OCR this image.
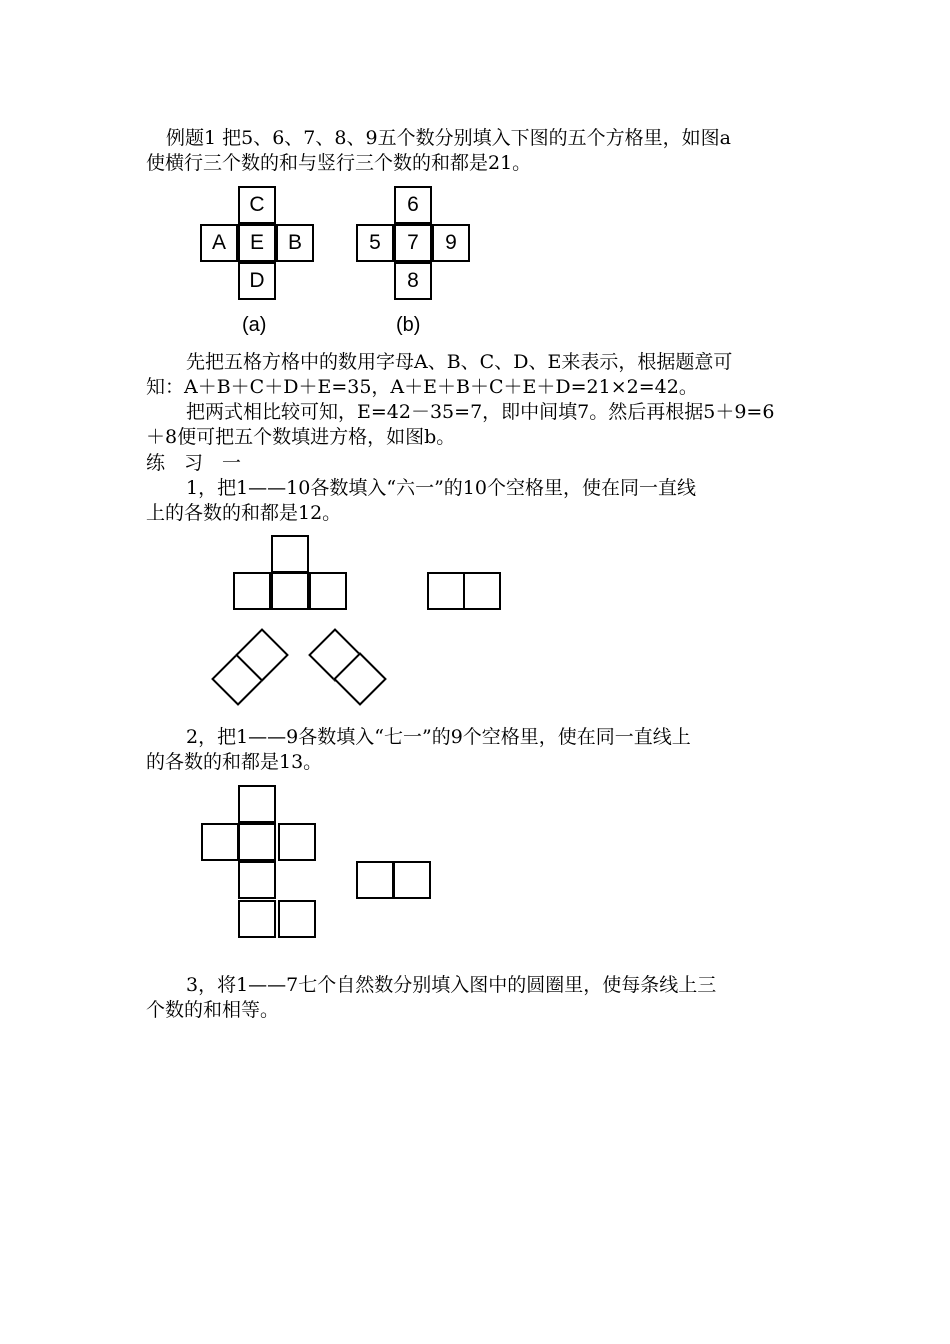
例题1 把5、6、7、8、9五个数分别填入下图的五个方格里，如图a

使横行三个数的和与竖行三个数的和都是21。

C
A	E	B
D
(a)
6
5	7	9
8
(b)

先把五格方格中的数用字母A、B、C、D、E来表示，根据题意可

知：A＋B＋C＋D＋E=35，A＋E＋B＋C＋E＋D=21×2=42。

把两式相比较可知，E=42－35=7，即中间填7。然后再根据5＋9=6

＋8便可把五个数填进方格，如图b。

练　习　一

1，把1——10各数填入“六一”的10个空格里，使在同一直线

上的各数的和都是12。

2，把1——9各数填入“七一”的9个空格里，使在同一直线上

的各数的和都是13。

3，将1——7七个自然数分别填入图中的圆圈里，使每条线上三

个数的和相等。
